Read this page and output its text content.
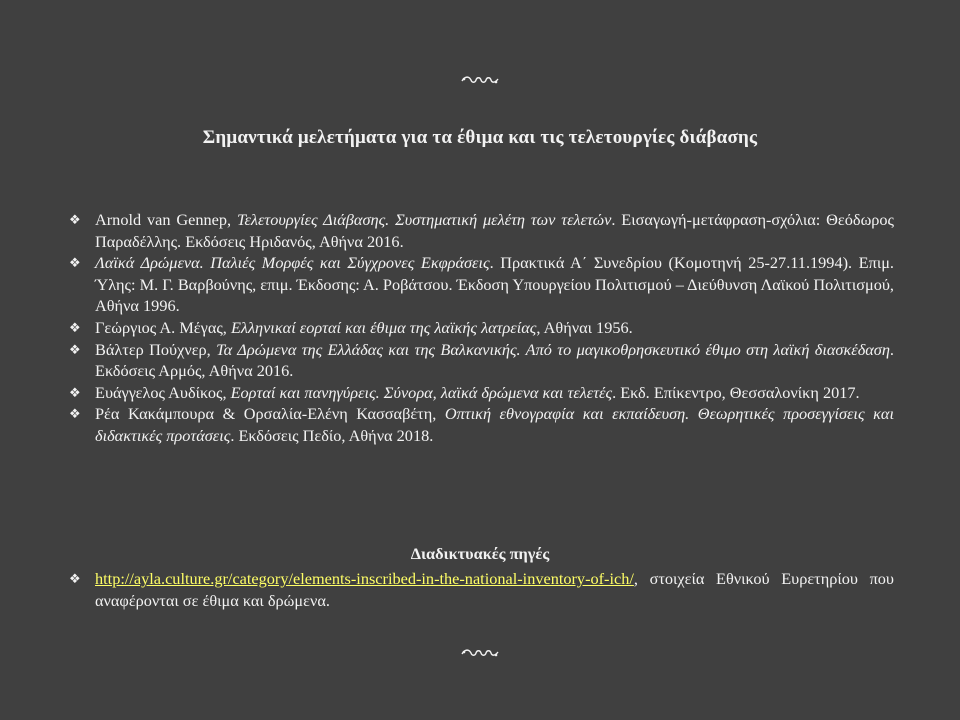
Σημαντικά μελετήματα για τα έθιμα και τις τελετουργίες διάβασης
❖ Arnold van Gennep, Τελετουργίες Διάβασης. Συστηματική μελέτη των τελετών. Εισαγωγή-μετάφραση-σχόλια: Θεόδωρος Παραδέλλης. Εκδόσεις Ηριδανός, Αθήνα 2016.
❖ Λαϊκά Δρώμενα. Παλιές Μορφές και Σύγχρονες Εκφράσεις. Πρακτικά Α΄ Συνεδρίου (Κομοτηνή 25-27.11.1994). Επιμ. Ύλης: Μ. Γ. Βαρβούνης, επιμ. Έκδοσης: Α. Ροβάτσου. Έκδοση Υπουργείου Πολιτισμού – Διεύθυνση Λαϊκού Πολιτισμού, Αθήνα 1996.
❖ Γεώργιος Α. Μέγας, Ελληνικαί εορταί και έθιμα της λαϊκής λατρείας, Αθήναι 1956.
❖ Βάλτερ Πούχνερ, Τα Δρώμενα της Ελλάδας και της Βαλκανικής. Από το μαγικοθρησκευτικό έθιμο στη λαϊκή διασκέδαση. Εκδόσεις Αρμός, Αθήνα 2016.
❖ Ευάγγελος Αυδίκος, Εορταί και πανηγύρεις. Σύνορα, λαϊκά δρώμενα και τελετές. Εκδ. Επίκεντρο, Θεσσαλονίκη 2017.
❖ Ρέα Κακάμπουρα & Ορσαλία-Ελένη Κασσαβέτη, Οπτική εθνογραφία και εκπαίδευση. Θεωρητικές προσεγγίσεις και διδακτικές προτάσεις. Εκδόσεις Πεδίο, Αθήνα 2018.
Διαδικτυακές πηγές
❖ http://ayla.culture.gr/category/elements-inscribed-in-the-national-inventory-of-ich/, στοιχεία Εθνικού Ευρετηρίου που αναφέρονται σε έθιμα και δρώμενα.
